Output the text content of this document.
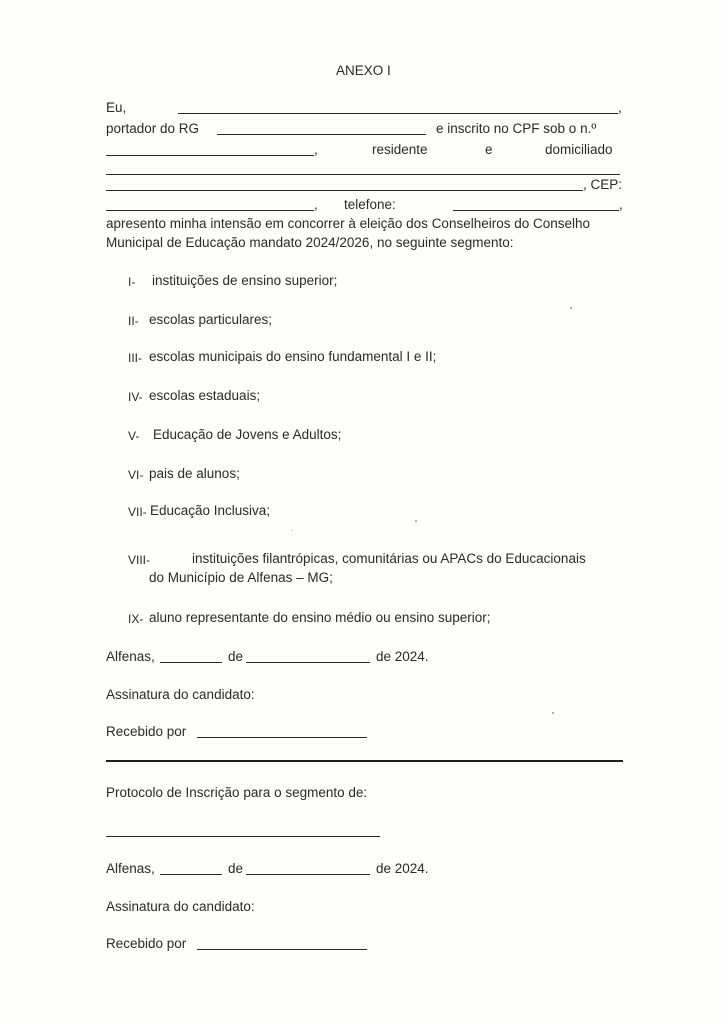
ANEXO I
Eu,	,
portador do RG	e inscrito no CPF sob o n.º
,	residente	e	domiciliado
, CEP:
, telefone:	,
apresento minha intensão em concorrer à eleição dos Conselheiros do Conselho
Municipal de Educação mandato 2024/2026, no seguinte segmento:
I- instituições de ensino superior;
II- escolas particulares;
III- escolas municipais do ensino fundamental I e II;
IV- escolas estaduais;
V- Educação de Jovens e Adultos;
VI- pais de alunos;
VII- Educação Inclusiva;
VIII-	instituições filantrópicas, comunitárias ou APACs do Educacionais
do Município de Alfenas – MG;
IX- aluno representante do ensino médio ou ensino superior;
Alfenas,	de	de 2024.
Assinatura do candidato:
Recebido por
Protocolo de Inscrição para o segmento de:
Alfenas,	de	de 2024.
Assinatura do candidato:
Recebido por
